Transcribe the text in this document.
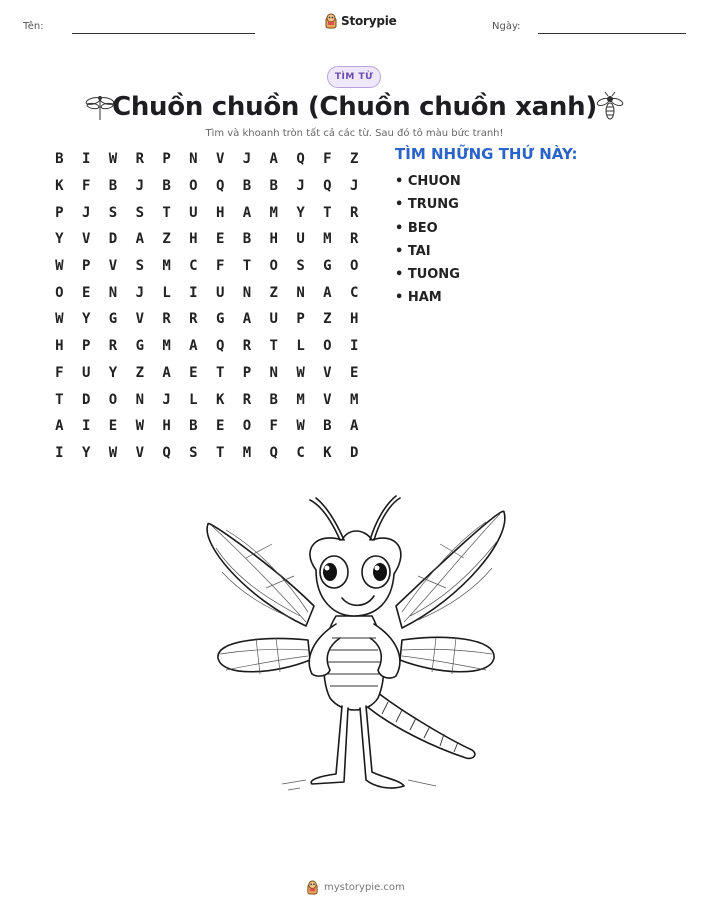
Tên:	Storypie	Ngày:
TÌM TỪ
Chuồn chuồn (Chuồn chuồn xanh)
Tìm và khoanh tròn tất cả các từ. Sau đó tô màu bức tranh!
B	I	W	R	P	N	V	J	A	Q	F	Z
K	F	B	J	B	O	Q	B	B	J	Q	J
P	J	S	S	T	U	H	A	M	Y	T	R
Y	V	D	A	Z	H	E	B	H	U	M	R
W	P	V	S	M	C	F	T	O	S	G	O
O	E	N	J	L	I	U	N	Z	N	A	C
W	Y	G	V	R	R	G	A	U	P	Z	H
H	P	R	G	M	A	Q	R	T	L	O	I
F	U	Y	Z	A	E	T	P	N	W	V	E
T	D	O	N	J	L	K	R	B	M	V	M
A	I	E	W	H	B	E	O	F	W	B	A
I	Y	W	V	Q	S	T	M	Q	C	K	D
TÌM NHỮNG THỨ NÀY:
• CHUON
• TRUNG
• BEO
• TAI
• TUONG
• HAM
mystorypie.com
